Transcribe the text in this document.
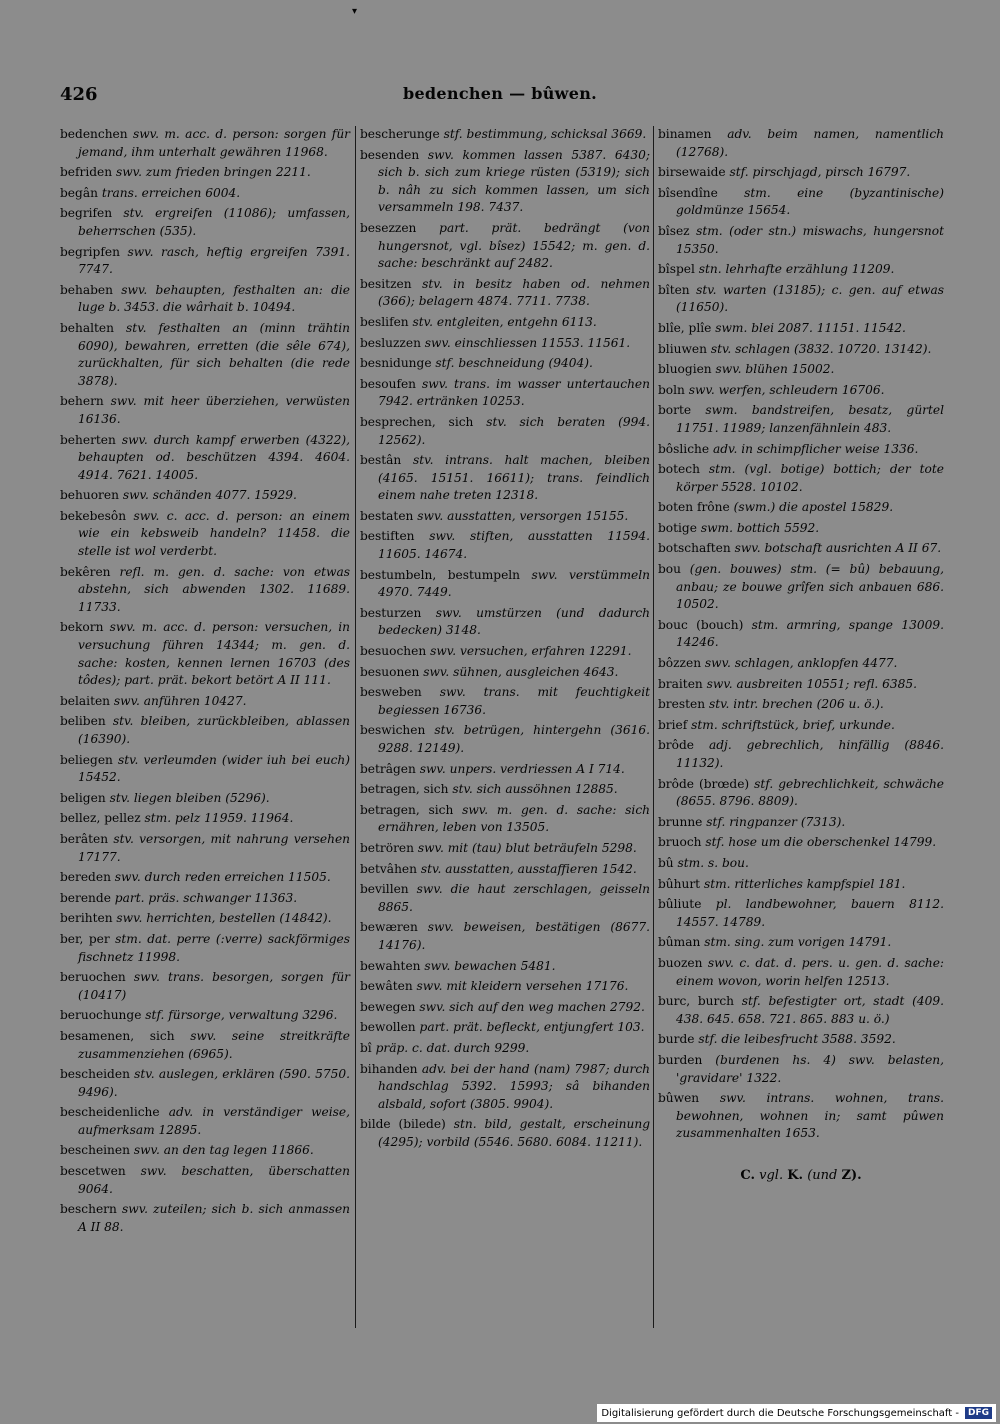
▾
426	bedenchen — bûwen.
bedenchen swv. m. acc. d. person: sorgen für jemand, ihm unterhalt gewähren 11968.
befriden swv. zum frieden bringen 2211.
begân trans. erreichen 6004.
begrifen stv. ergreifen (11086); umfassen, beherrschen (535).
begripfen swv. rasch, heftig ergreifen 7391. 7747.
behaben swv. behaupten, festhalten an: die luge b. 3453. die wârhait b. 10494.
behalten stv. festhalten an (minn trähtin 6090), bewahren, erretten (die sêle 674), zurückhalten, für sich behalten (die rede 3878).
behern swv. mit heer überziehen, verwüsten 16136.
beherten swv. durch kampf erwerben (4322), behaupten od. beschützen 4394. 4604. 4914. 7621. 14005.
behuoren swv. schänden 4077. 15929.
bekebesôn swv. c. acc. d. person: an einem wie ein kebsweib handeln? 11458. die stelle ist wol verderbt.
bekêren refl. m. gen. d. sache: von etwas abstehn, sich abwenden 1302. 11689. 11733.
bekorn swv. m. acc. d. person: versuchen, in versuchung führen 14344; m. gen. d. sache: kosten, kennen lernen 16703 (des tôdes); part. prät. bekort betört A II 111.
belaiten swv. anführen 10427.
beliben stv. bleiben, zurückbleiben, ablassen (16390).
beliegen stv. verleumden (wider iuh bei euch) 15452.
beligen stv. liegen bleiben (5296).
bellez, pellez stm. pelz 11959. 11964.
berâten stv. versorgen, mit nahrung versehen 17177.
bereden swv. durch reden erreichen 11505.
berende part. präs. schwanger 11363.
berihten swv. herrichten, bestellen (14842).
ber, per stm. dat. perre (:verre) sackförmiges fischnetz 11998.
beruochen swv. trans. besorgen, sorgen für (10417)
beruochunge stf. fürsorge, verwaltung 3296.
besamenen, sich swv. seine streitkräfte zusammenziehen (6965).
bescheiden stv. auslegen, erklären (590. 5750. 9496).
bescheidenliche adv. in verständiger weise, aufmerksam 12895.
bescheinen swv. an den tag legen 11866.
bescetwen swv. beschatten, überschatten 9064.
beschern swv. zuteilen; sich b. sich anmassen A II 88.
bescherunge stf. bestimmung, schicksal 3669.
besenden swv. kommen lassen 5387. 6430; sich b. sich zum kriege rüsten (5319); sich b. nâh zu sich kommen lassen, um sich versammeln 198. 7437.
besezzen part. prät. bedrängt (von hungersnot, vgl. bîsez) 15542; m. gen. d. sache: beschränkt auf 2482.
besitzen stv. in besitz haben od. nehmen (366); belagern 4874. 7711. 7738.
beslifen stv. entgleiten, entgehn 6113.
besluzzen swv. einschliessen 11553. 11561.
besnidunge stf. beschneidung (9404).
besoufen swv. trans. im wasser untertauchen 7942. ertränken 10253.
besprechen, sich stv. sich beraten (994. 12562).
bestân stv. intrans. halt machen, bleiben (4165. 15151. 16611); trans. feindlich einem nahe treten 12318.
bestaten swv. ausstatten, versorgen 15155.
bestiften swv. stiften, ausstatten 11594. 11605. 14674.
bestumbeln, bestumpeln swv. verstümmeln 4970. 7449.
besturzen swv. umstürzen (und dadurch bedecken) 3148.
besuochen swv. versuchen, erfahren 12291.
besuonen swv. sühnen, ausgleichen 4643.
besweben swv. trans. mit feuchtigkeit begiessen 16736.
beswichen stv. betrügen, hintergehn (3616. 9288. 12149).
betrâgen swv. unpers. verdriessen A I 714.
betragen, sich stv. sich aussöhnen 12885.
betragen, sich swv. m. gen. d. sache: sich ernähren, leben von 13505.
betrören swv. mit (tau) blut beträufeln 5298.
betvâhen stv. ausstatten, ausstaffieren 1542.
bevillen swv. die haut zerschlagen, geisseln 8865.
bewæren swv. beweisen, bestätigen (8677. 14176).
bewahten swv. bewachen 5481.
bewâten swv. mit kleidern versehen 17176.
bewegen swv. sich auf den weg machen 2792.
bewollen part. prät. befleckt, entjungfert 103.
bî präp. c. dat. durch 9299.
bihanden adv. bei der hand (nam) 7987; durch handschlag 5392. 15993; sâ bihanden alsbald, sofort (3805. 9904).
bilde (bilede) stn. bild, gestalt, erscheinung (4295); vorbild (5546. 5680. 6084. 11211).
binamen adv. beim namen, namentlich (12768).
birsewaide stf. pirschjagd, pirsch 16797.
bîsendîne stm. eine (byzantinische) goldmünze 15654.
bîsez stm. (oder stn.) miswachs, hungersnot 15350.
bîspel stn. lehrhafte erzählung 11209.
bîten stv. warten (13185); c. gen. auf etwas (11650).
blîe, plîe swm. blei 2087. 11151. 11542.
bliuwen stv. schlagen (3832. 10720. 13142).
bluogien swv. blühen 15002.
boln swv. werfen, schleudern 16706.
borte swm. bandstreifen, besatz, gürtel 11751. 11989; lanzenfähnlein 483.
bôsliche adv. in schimpflicher weise 1336.
botech stm. (vgl. botige) bottich; der tote körper 5528. 10102.
boten frône (swm.) die apostel 15829.
botige swm. bottich 5592.
botschaften swv. botschaft ausrichten A II 67.
bou (gen. bouwes) stm. (= bû) bebauung, anbau; ze bouwe grîfen sich anbauen 686. 10502.
bouc (bouch) stm. armring, spange 13009. 14246.
bôzzen swv. schlagen, anklopfen 4477.
braiten swv. ausbreiten 10551; refl. 6385.
bresten stv. intr. brechen (206 u. ö.).
brief stm. schriftstück, brief, urkunde.
brôde adj. gebrechlich, hinfällig (8846. 11132).
brôde (brœde) stf. gebrechlichkeit, schwäche (8655. 8796. 8809).
brunne stf. ringpanzer (7313).
bruoch stf. hose um die oberschenkel 14799.
bû stm. s. bou.
bûhurt stm. ritterliches kampfspiel 181.
bûliute pl. landbewohner, bauern 8112. 14557. 14789.
bûman stm. sing. zum vorigen 14791.
buozen swv. c. dat. d. pers. u. gen. d. sache: einem wovon, worin helfen 12513.
burc, burch stf. befestigter ort, stadt (409. 438. 645. 658. 721. 865. 883 u. ö.)
burde stf. die leibesfrucht 3588. 3592.
burden (burdenen hs. 4) swv. belasten, 'gravidare' 1322.
bûwen swv. intrans. wohnen, trans. bewohnen, wohnen in; samt pûwen zusammenhalten 1653.
C. vgl. K. (und Z).
Digitalisierung gefördert durch die Deutsche Forschungsgemeinschaft -	DFG
